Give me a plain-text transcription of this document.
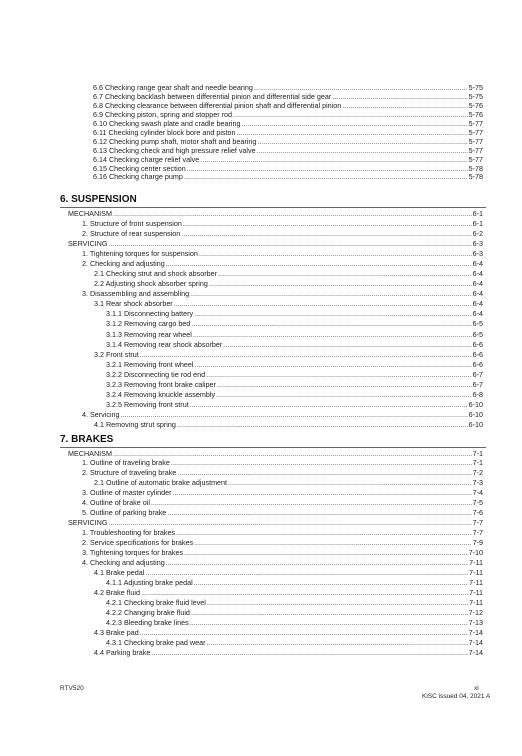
6.6 Checking range gear shaft and needle bearing .....	5-75
6.7 Checking backlash between differential pinion and differential side gear .....	5-75
6.8 Checking clearance between differential pinion shaft and differential pinion .....	5-76
6.9 Checking piston, spring and stopper rod .....	5-76
6.10 Checking swash plate and cradle bearing .....	5-77
6.11 Checking cylinder block bore and piston .....	5-77
6.12 Checking pump shaft, motor shaft and bearing .....	5-77
6.13 Checking check and high pressure relief valve .....	5-77
6.14 Checking charge relief valve .....	5-77
6.15 Checking center section .....	5-78
6.16 Checking charge pump .....	5-78
6. SUSPENSION
MECHANISM .....	6-1
1. Structure of front suspension .....	6-1
2. Structure of rear suspension .....	6-2
SERVICING .....	6-3
1. Tightening torques for suspension .....	6-3
2. Checking and adjusting .....	6-4
2.1 Checking strut and shock absorber .....	6-4
2.2 Adjusting shock absorber spring .....	6-4
3. Disassembling and assembling .....	6-4
3.1 Rear shock absorber .....	6-4
3.1.1 Disconnecting battery .....	6-4
3.1.2 Removing cargo bed .....	6-5
3.1.3 Removing rear wheel .....	6-5
3.1.4 Removing rear shock absorber .....	6-6
3.2 Front strut .....	6-6
3.2.1 Removing front wheel .....	6-6
3.2.2 Disconnecting tie rod end .....	6-7
3.2.3 Removing front brake caliper .....	6-7
3.2.4 Removing knuckle assembly .....	6-8
3.2.5 Removing front strut .....	6-10
4. Servicing .....	6-10
4.1 Removing strut spring .....	6-10
7. BRAKES
MECHANISM .....	7-1
1. Outline of traveling brake .....	7-1
2. Structure of traveling brake .....	7-2
2.1 Outline of automatic brake adjustment .....	7-3
3. Outline of master cylinder .....	7-4
4. Outline of brake oil .....	7-5
5. Outline of parking brake .....	7-6
SERVICING .....	7-7
1. Troubleshooting for brakes .....	7-7
2. Service specifications for brakes .....	7-9
3. Tightening torques for brakes .....	7-10
4. Checking and adjusting .....	7-11
4.1 Brake pedal .....	7-11
4.1.1 Adjusting brake pedal .....	7-11
4.2 Brake fluid .....	7-11
4.2.1 Checking brake fluid level .....	7-11
4.2.2 Changing brake fluid .....	7-12
4.2.3 Bleeding brake lines .....	7-13
4.3 Brake pad .....	7-14
4.3.1 Checking brake pad wear .....	7-14
4.4 Parking brake .....	7-14
RTV520	xi
KiSC issued 04, 2021 A
